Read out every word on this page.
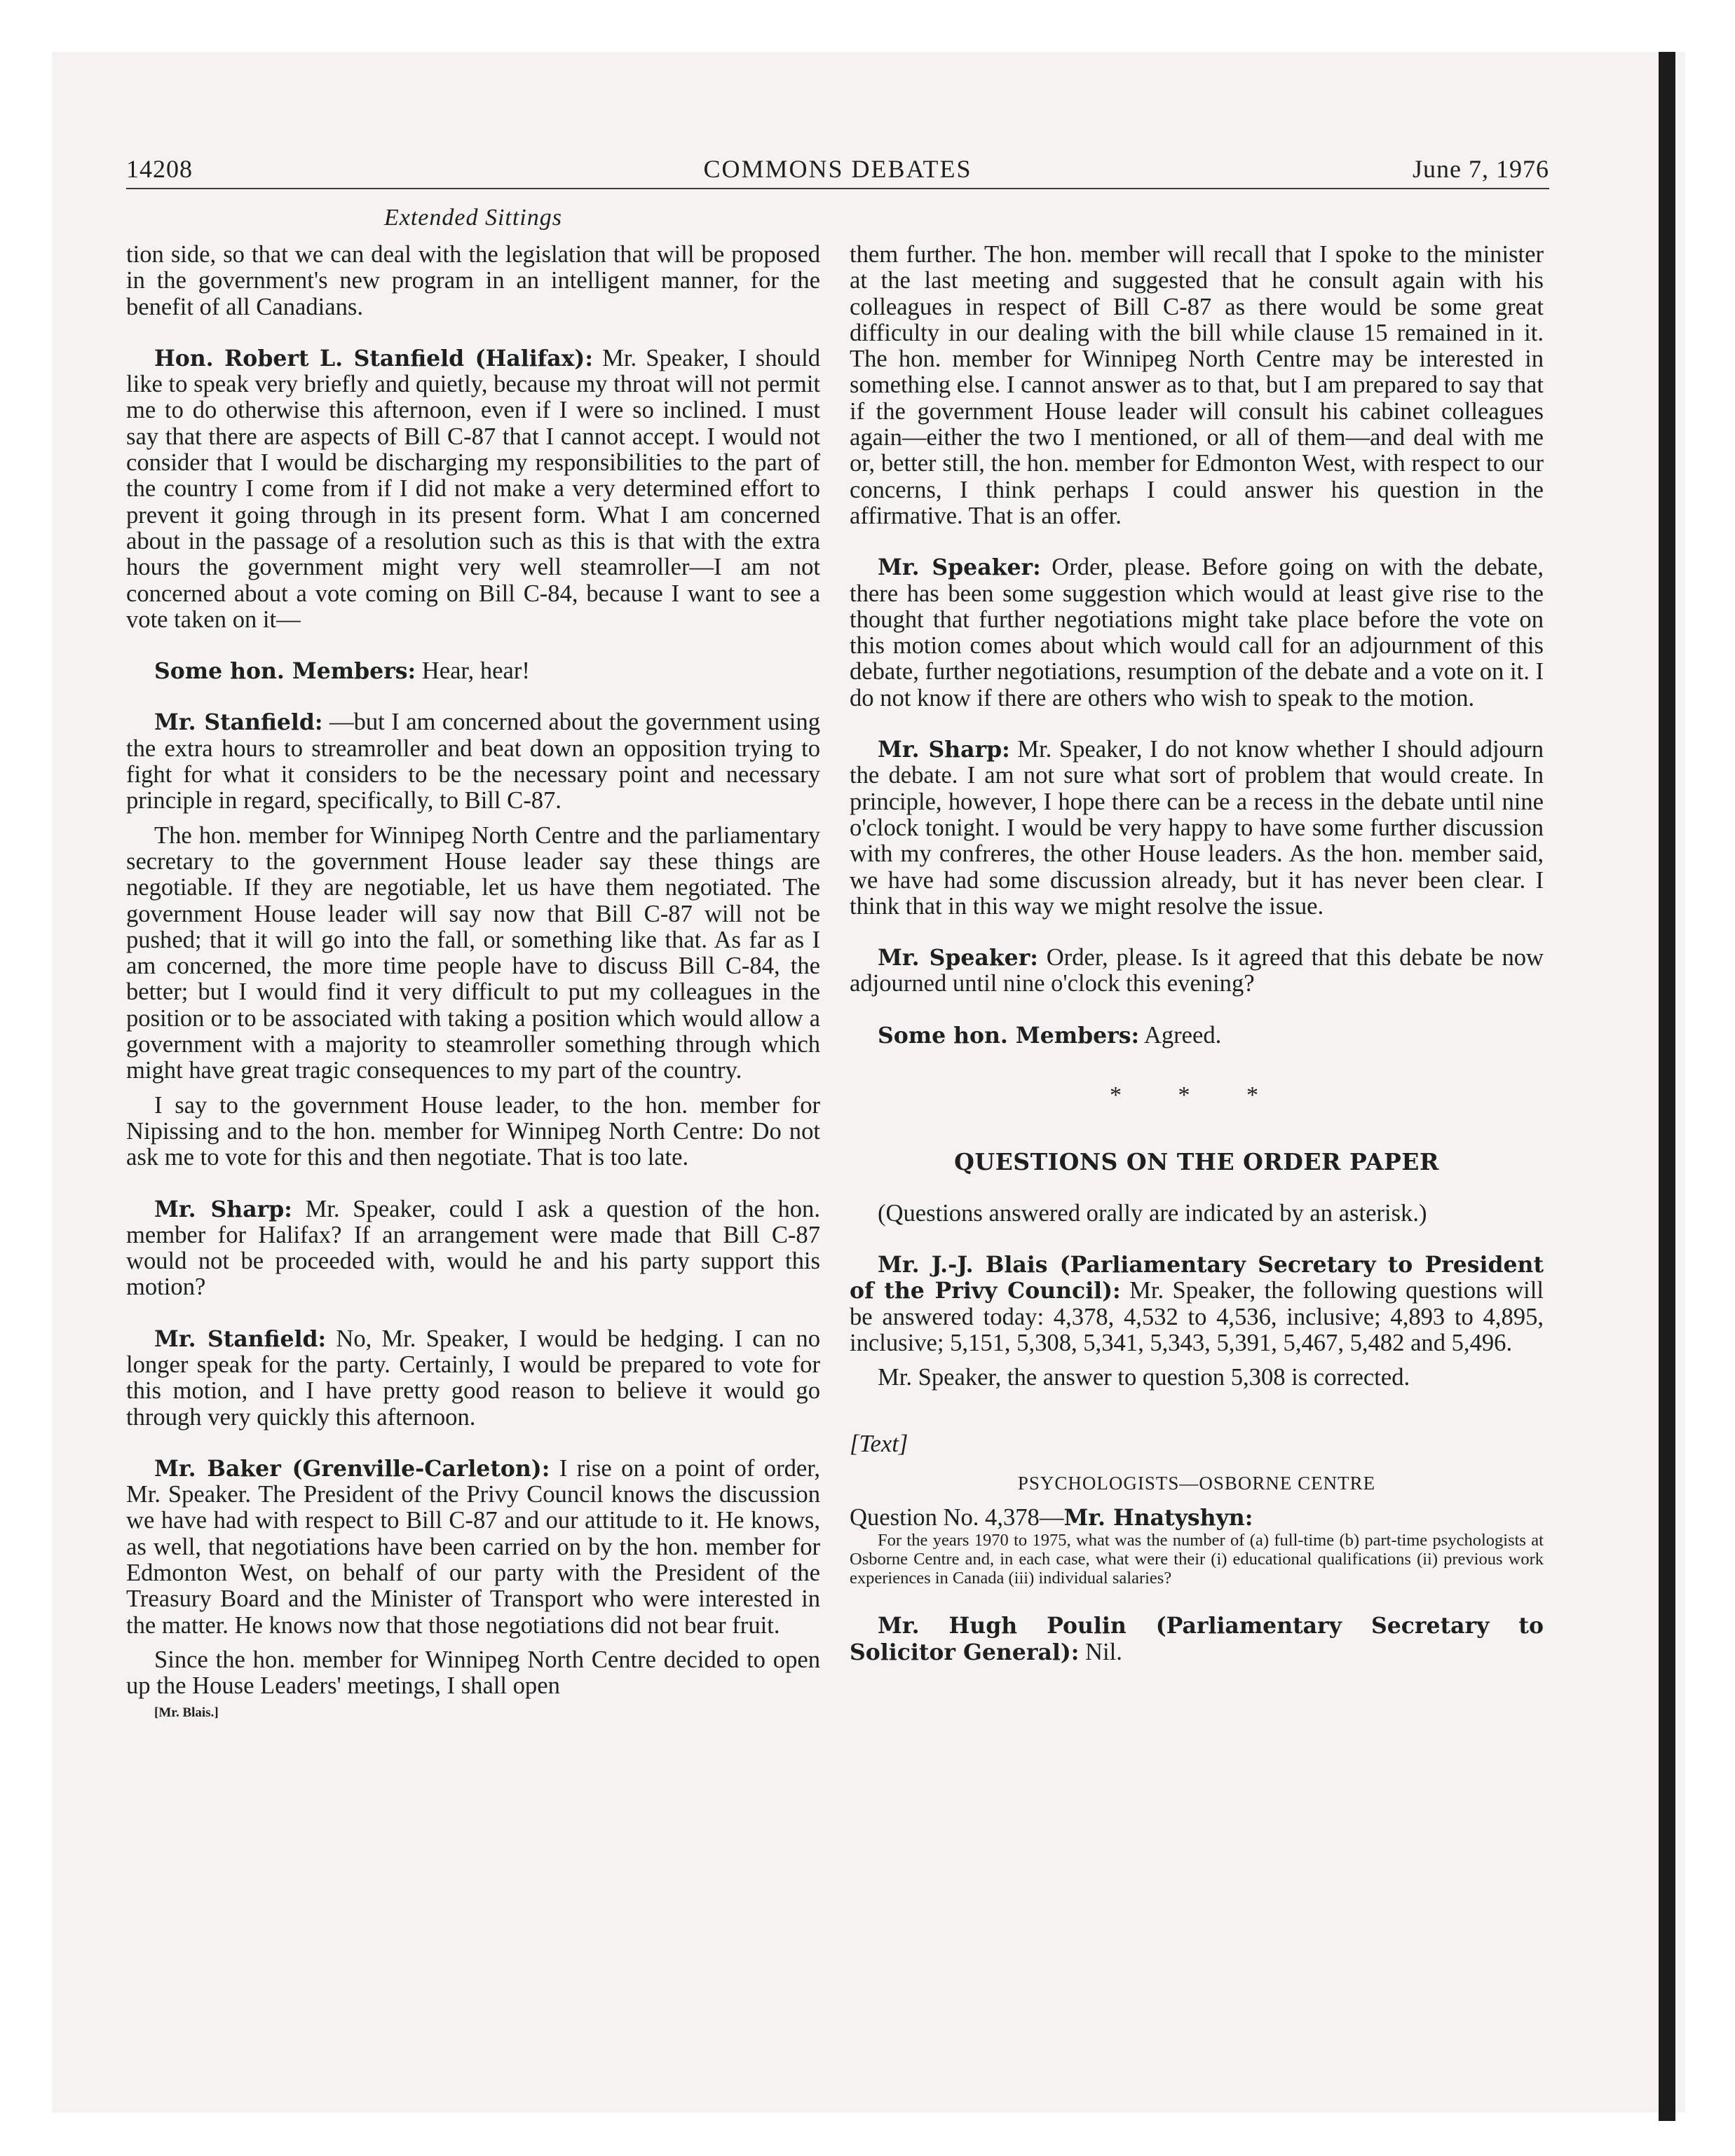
14208	COMMONS DEBATES	June 7, 1976
Extended Sittings

tion side, so that we can deal with the legislation that will be proposed in the government's new program in an intelligent manner, for the benefit of all Canadians.

Hon. Robert L. Stanfield (Halifax): Mr. Speaker, I should like to speak very briefly and quietly, because my throat will not permit me to do otherwise this afternoon, even if I were so inclined. I must say that there are aspects of Bill C-87 that I cannot accept. I would not consider that I would be discharging my responsibilities to the part of the country I come from if I did not make a very determined effort to prevent it going through in its present form. What I am concerned about in the passage of a resolution such as this is that with the extra hours the government might very well steamroller—I am not concerned about a vote coming on Bill C-84, because I want to see a vote taken on it—

Some hon. Members: Hear, hear!

Mr. Stanfield: —but I am concerned about the government using the extra hours to streamroller and beat down an opposition trying to fight for what it considers to be the necessary point and necessary principle in regard, specifically, to Bill C-87.

The hon. member for Winnipeg North Centre and the parliamentary secretary to the government House leader say these things are negotiable. If they are negotiable, let us have them negotiated. The government House leader will say now that Bill C-87 will not be pushed; that it will go into the fall, or something like that. As far as I am concerned, the more time people have to discuss Bill C-84, the better; but I would find it very difficult to put my colleagues in the position or to be associated with taking a position which would allow a government with a majority to steamroller something through which might have great tragic consequences to my part of the country.

I say to the government House leader, to the hon. member for Nipissing and to the hon. member for Winnipeg North Centre: Do not ask me to vote for this and then negotiate. That is too late.

Mr. Sharp: Mr. Speaker, could I ask a question of the hon. member for Halifax? If an arrangement were made that Bill C-87 would not be proceeded with, would he and his party support this motion?

Mr. Stanfield: No, Mr. Speaker, I would be hedging. I can no longer speak for the party. Certainly, I would be prepared to vote for this motion, and I have pretty good reason to believe it would go through very quickly this afternoon.

Mr. Baker (Grenville-Carleton): I rise on a point of order, Mr. Speaker. The President of the Privy Council knows the discussion we have had with respect to Bill C-87 and our attitude to it. He knows, as well, that negotiations have been carried on by the hon. member for Edmonton West, on behalf of our party with the President of the Treasury Board and the Minister of Transport who were interested in the matter. He knows now that those negotiations did not bear fruit.

Since the hon. member for Winnipeg North Centre decided to open up the House Leaders' meetings, I shall open

[Mr. Blais.]

them further. The hon. member will recall that I spoke to the minister at the last meeting and suggested that he consult again with his colleagues in respect of Bill C-87 as there would be some great difficulty in our dealing with the bill while clause 15 remained in it. The hon. member for Winnipeg North Centre may be interested in something else. I cannot answer as to that, but I am prepared to say that if the government House leader will consult his cabinet colleagues again—either the two I mentioned, or all of them—and deal with me or, better still, the hon. member for Edmonton West, with respect to our concerns, I think perhaps I could answer his question in the affirmative. That is an offer.

Mr. Speaker: Order, please. Before going on with the debate, there has been some suggestion which would at least give rise to the thought that further negotiations might take place before the vote on this motion comes about which would call for an adjournment of this debate, further negotiations, resumption of the debate and a vote on it. I do not know if there are others who wish to speak to the motion.

Mr. Sharp: Mr. Speaker, I do not know whether I should adjourn the debate. I am not sure what sort of problem that would create. In principle, however, I hope there can be a recess in the debate until nine o'clock tonight. I would be very happy to have some further discussion with my confreres, the other House leaders. As the hon. member said, we have had some discussion already, but it has never been clear. I think that in this way we might resolve the issue.

Mr. Speaker: Order, please. Is it agreed that this debate be now adjourned until nine o'clock this evening?

Some hon. Members: Agreed.

* * *
QUESTIONS ON THE ORDER PAPER

(Questions answered orally are indicated by an asterisk.)

Mr. J.-J. Blais (Parliamentary Secretary to President of the Privy Council): Mr. Speaker, the following questions will be answered today: 4,378, 4,532 to 4,536, inclusive; 4,893 to 4,895, inclusive; 5,151, 5,308, 5,341, 5,343, 5,391, 5,467, 5,482 and 5,496.

Mr. Speaker, the answer to question 5,308 is corrected.

[Text]
PSYCHOLOGISTS—OSBORNE CENTRE

Question No. 4,378—Mr. Hnatyshyn:

For the years 1970 to 1975, what was the number of (a) full-time (b) part-time psychologists at Osborne Centre and, in each case, what were their (i) educational qualifications (ii) previous work experiences in Canada (iii) individual salaries?

Mr. Hugh Poulin (Parliamentary Secretary to Solicitor General): Nil.
